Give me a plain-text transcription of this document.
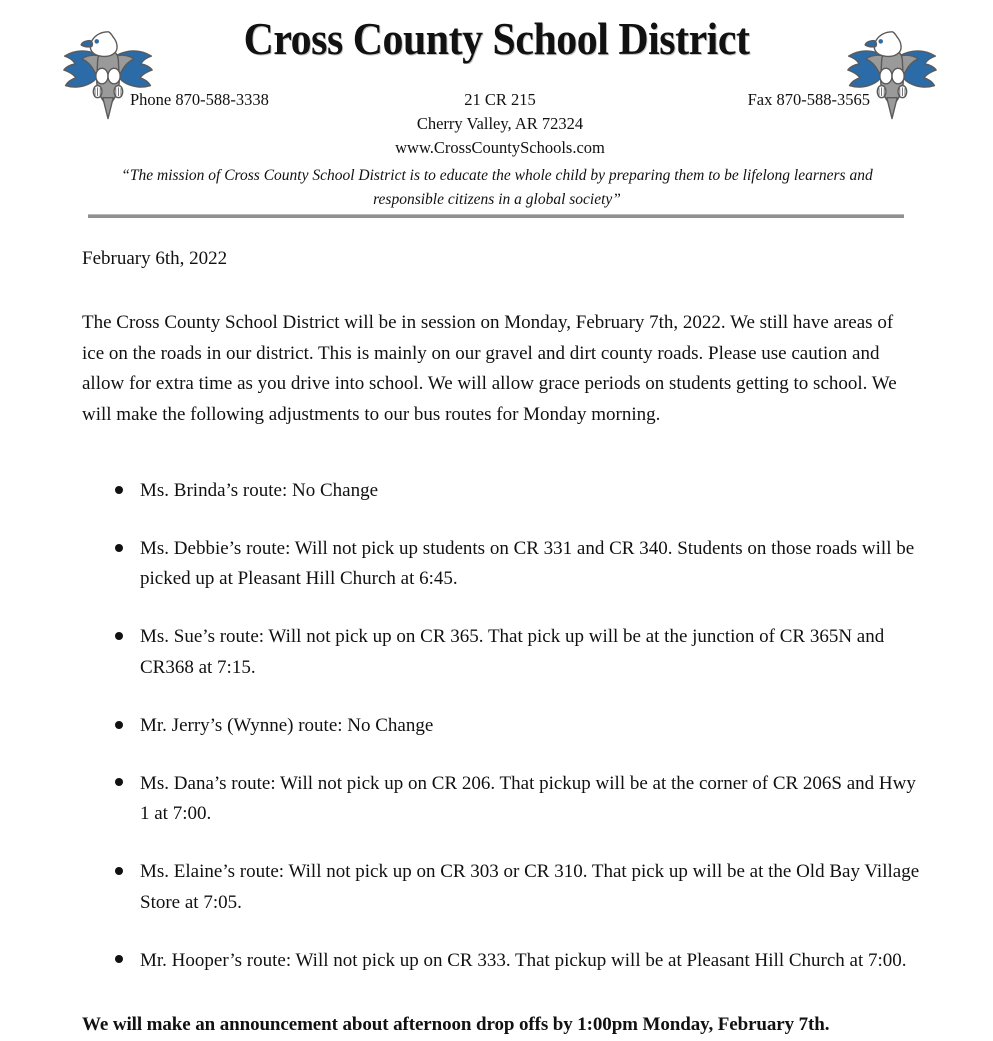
Cross County School District
Phone 870-588-3338	21 CR 215
Cherry Valley, AR 72324
www.CrossCountySchools.com
Fax 870-588-3565
“The mission of Cross County School District is to educate the whole child by preparing them to be lifelong learners and responsible citizens in a global society”

February 6th, 2022

The Cross County School District will be in session on Monday, February 7th, 2022. We still have areas of ice on the roads in our district. This is mainly on our gravel and dirt county roads. Please use caution and allow for extra time as you drive into school. We will allow grace periods on students getting to school. We will make the following adjustments to our bus routes for Monday morning.

Ms. Brinda’s route: No Change
Ms. Debbie’s route: Will not pick up students on CR 331 and CR 340. Students on those roads will be picked up at Pleasant Hill Church at 6:45.
Ms. Sue’s route: Will not pick up on CR 365. That pick up will be at the junction of CR 365N and CR368 at 7:15.
Mr. Jerry’s (Wynne) route: No Change
Ms. Dana’s route: Will not pick up on CR 206. That pickup will be at the corner of CR 206S and Hwy 1 at 7:00.
Ms. Elaine’s route: Will not pick up on CR 303 or CR 310. That pick up will be at the Old Bay Village Store at 7:05.
Mr. Hooper’s route: Will not pick up on CR 333. That pickup will be at Pleasant Hill Church at 7:00.

We will make an announcement about afternoon drop offs by 1:00pm Monday, February 7th.
